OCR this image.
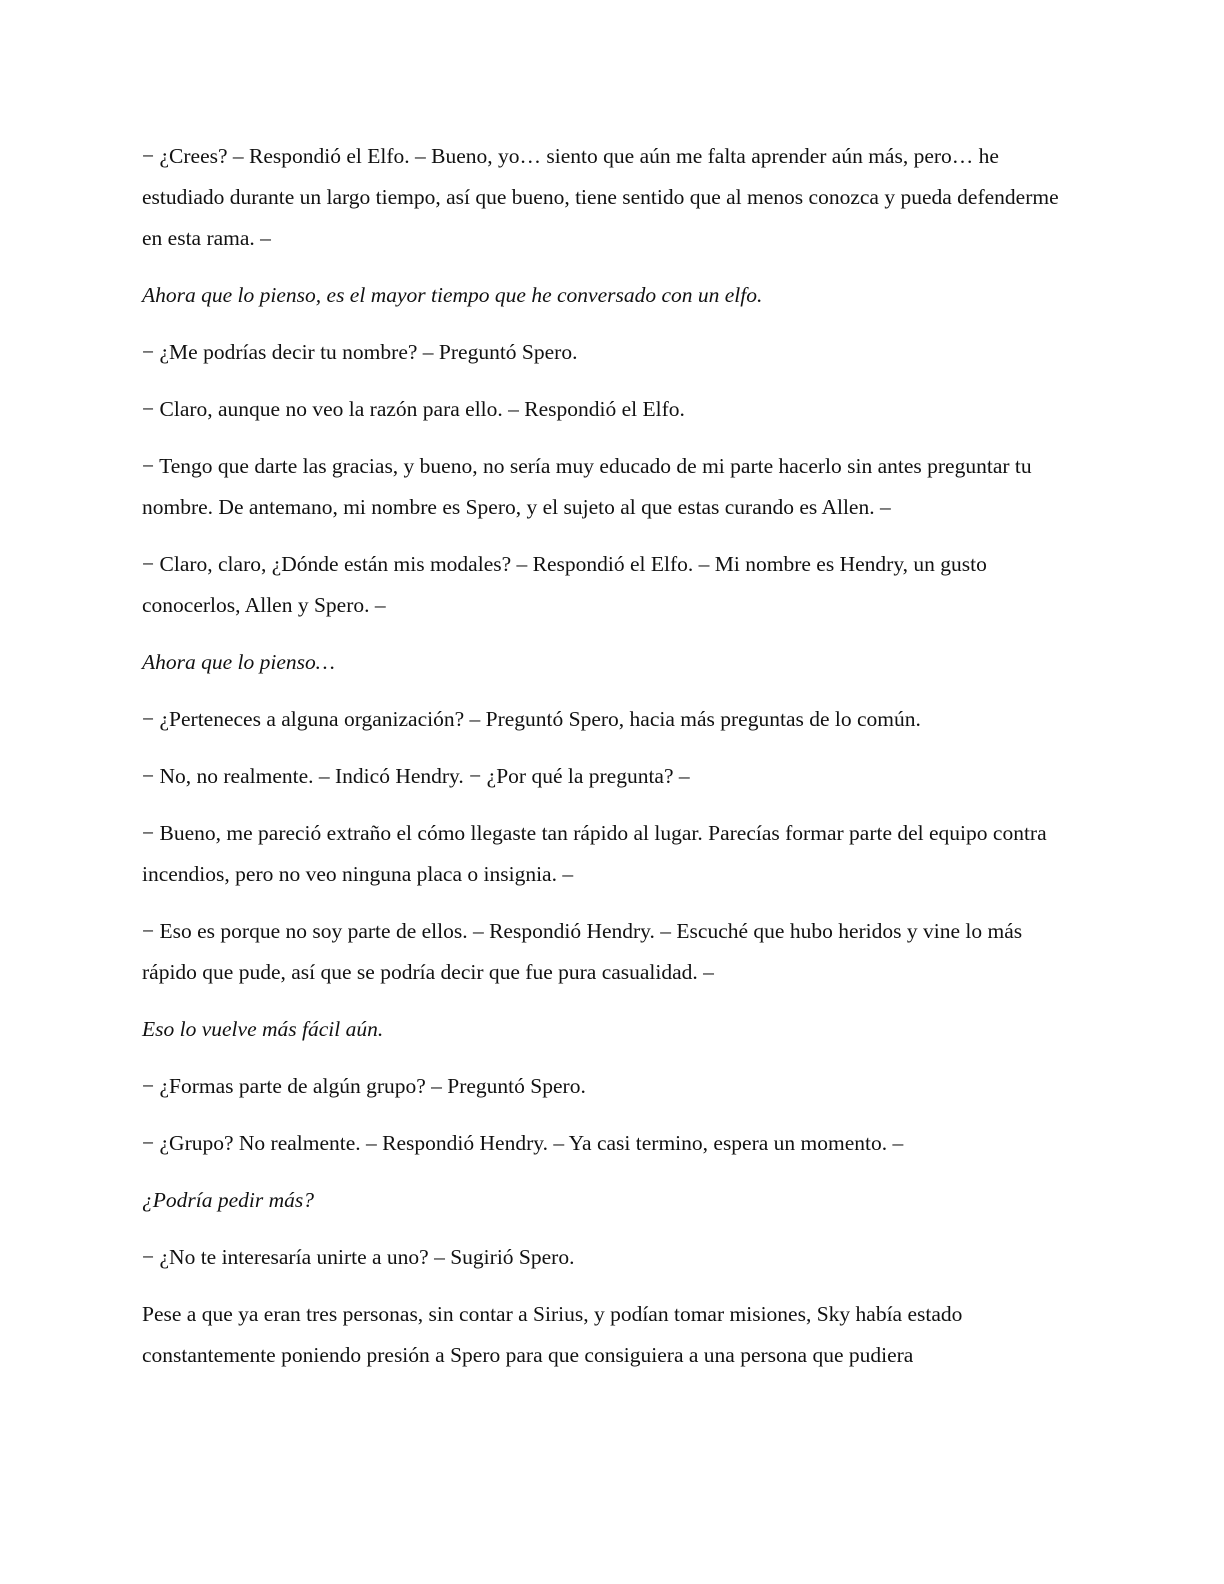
− ¿Crees? – Respondió el Elfo. – Bueno, yo… siento que aún me falta aprender aún más, pero… he estudiado durante un largo tiempo, así que bueno, tiene sentido que al menos conozca y pueda defenderme en esta rama. –

Ahora que lo pienso, es el mayor tiempo que he conversado con un elfo.

− ¿Me podrías decir tu nombre? – Preguntó Spero.

− Claro, aunque no veo la razón para ello. – Respondió el Elfo.

− Tengo que darte las gracias, y bueno, no sería muy educado de mi parte hacerlo sin antes preguntar tu nombre. De antemano, mi nombre es Spero, y el sujeto al que estas curando es Allen. –

− Claro, claro, ¿Dónde están mis modales? – Respondió el Elfo. – Mi nombre es Hendry, un gusto conocerlos, Allen y Spero. –

Ahora que lo pienso…

− ¿Perteneces a alguna organización? – Preguntó Spero, hacia más preguntas de lo común.

− No, no realmente. – Indicó Hendry. − ¿Por qué la pregunta? –

− Bueno, me pareció extraño el cómo llegaste tan rápido al lugar. Parecías formar parte del equipo contra incendios, pero no veo ninguna placa o insignia. –

− Eso es porque no soy parte de ellos. – Respondió Hendry. – Escuché que hubo heridos y vine lo más rápido que pude, así que se podría decir que fue pura casualidad. –

Eso lo vuelve más fácil aún.

− ¿Formas parte de algún grupo? – Preguntó Spero.

− ¿Grupo? No realmente. – Respondió Hendry. – Ya casi termino, espera un momento. –

¿Podría pedir más?

− ¿No te interesaría unirte a uno? – Sugirió Spero.

Pese a que ya eran tres personas, sin contar a Sirius, y podían tomar misiones, Sky había estado constantemente poniendo presión a Spero para que consiguiera a una persona que pudiera
